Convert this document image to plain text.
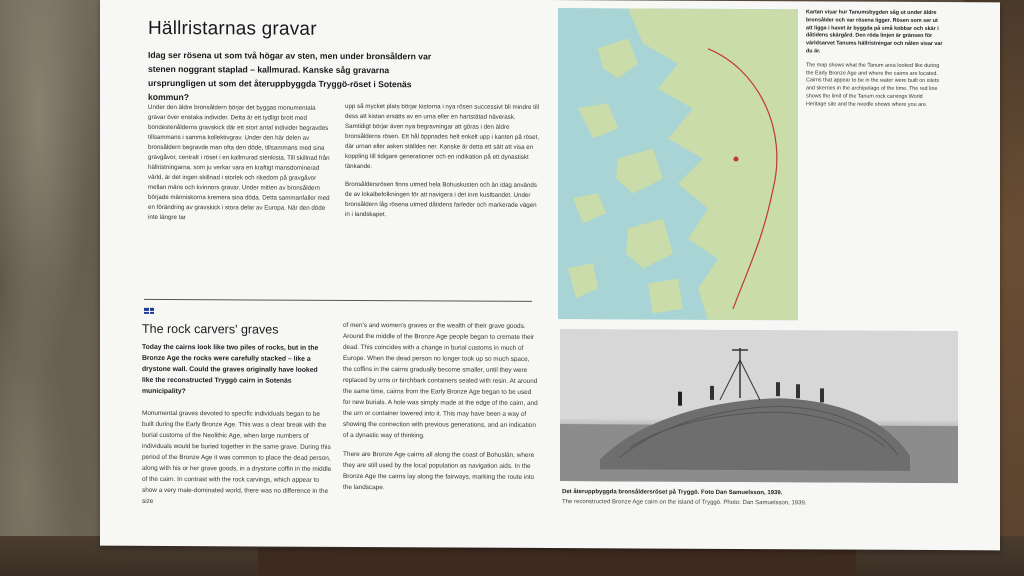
Hällristarnas gravar
Idag ser rösena ut som två högar av sten, men under bronsåldern var stenen noggrant staplad – kallmurad. Kanske såg gravarna ursprungligen ut som det återuppbyggda Tryggö-röset i Sotenäs kommun?
Under den äldre bronsåldern börjar det byggas monumentala gravar över enstaka individer. Detta är ett tydligt brott med bondestenålderns gravskick där ett stort antal individer begravdes tillsammans i samma kollektivgrav. Under den här delen av bronsåldern begravde man ofta den döde, tillsammans med sina gravgåvor, centralt i röset i en kallmurad stenkista. Till skillnad från hällristningarna, som ju verkar vara en kraftigt mansdominerad värld, är det ingen skillnad i storlek och rikedom på gravgåvor mellan mäns och kvinnors gravar. Under mitten av bronsåldern började människorna kremera sina döda. Detta sammanfaller med en förändring av gravskick i stora delar av Europa. När den döde inte längre tar
upp så mycket plats börjar kistorna i nya rösen successivt bli mindre till dess att kistan ersätts av en urna eller en hartstätad näverask. Samtidigt börjar även nya begravningar att göras i den äldre bronsålderns rösen. Ett hål öppnades helt enkelt upp i kanten på röset, där urnan eller asken ställdes ner. Kanske är detta ett sätt att visa en koppling till tidigare generationer och en indikation på ett dynastiskt tänkande.
Bronsåldersrösen finns utmed hela Bohuskusten och än idag används de av lokalbefolkningen för att navigera i det inre kustbandet. Under bronsåldern låg rösena utmed dåtidens farleder och markerade vägen in i landskapet.
The rock carvers' graves
Today the cairns look like two piles of rocks, but in the Bronze Age the rocks were carefully stacked – like a drystone wall. Could the graves originally have looked like the reconstructed Tryggö cairn in Sotenäs municipality?
Monumental graves devoted to specific individuals began to be built during the Early Bronze Age. This was a clear break with the burial customs of the Neolithic Age, when large numbers of individuals would be buried together in the same grave. During this period of the Bronze Age it was common to place the dead person, along with his or her grave goods, in a drystone coffin in the middle of the cairn. In contrast with the rock carvings, which appear to show a very male-dominated world, there was no difference in the size
of men's and women's graves or the wealth of their grave goods. Around the middle of the Bronze Age people began to cremate their dead. This coincides with a change in burial customs in much of Europe. When the dead person no longer took up so much space, the coffins in the cairns gradually become smaller, until they were replaced by urns or birchbark containers sealed with resin. At around the same time, cairns from the Early Bronze Age began to be used for new burials. A hole was simply made at the edge of the cairn, and the urn or container lowered into it. This may have been a way of showing the connection with previous generations, and an indication of a dynastic way of thinking.
There are Bronze Age cairns all along the coast of Bohuslän, where they are still used by the local population as navigation aids. In the Bronze Age the cairns lay along the fairways, marking the route into the landscape.
Kartan visar hur Tanumsbygden såg ut under äldre bronsålder och var rösena ligger. Rösen som ser ut att ligga i havet är byggda på små kobbar och skär i dåtidens skärgård. Den röda linjen är gränsen för världsarvet Tanums hällristningar och nålen visar var du är.
The map shows what the Tanum area looked like during the Early Bronze Age and where the cairns are located. Cairns that appear to be in the water were built on islets and skerries in the archipelago of the time. The red line shows the limit of the Tanum rock carvings World Heritage site and the needle shows where you are.
Det återuppbyggda bronsåldersröset på Tryggö. Foto Dan Samuelsson, 1939.
The reconstructed Bronze Age cairn on the island of Tryggö. Photo: Dan Samuelsson, 1939.
